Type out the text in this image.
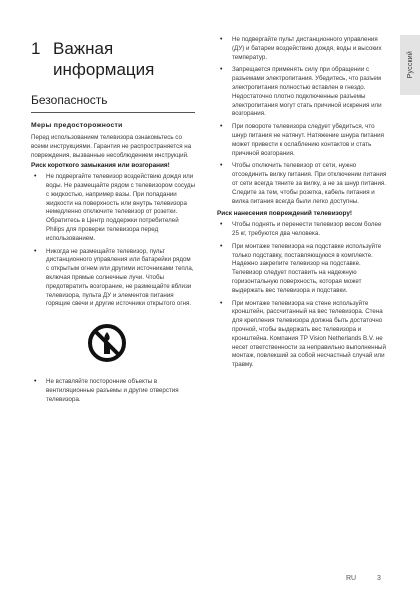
Русский
1 Важная
информация
Безопасность
Меры предосторожности
Перед использованием телевизора ознакомьтесь со всеми инструкциями. Гарантия не распространяется на повреждения, вызванные несоблюдением инструкций.
Риск короткого замыкания или возгорания!
• Не подвергайте телевизор воздействию дождя или воды. Не размещайте рядом с телевизором сосуды с жидкостью, например вазы. При попадании жидкости на поверхность или внутрь телевизора немедленно отключите телевизор от розетки. Обратитесь в Центр поддержки потребителей Philips для проверки телевизора перед использованием.
• Никогда не размещайте телевизор, пульт дистанционного управления или батарейки рядом с открытым огнем или другими источниками тепла, включая прямые солнечные лучи. Чтобы предотвратить возгорание, не размещайте вблизи телевизора, пульта ДУ и элементов питания горящие свечи и другие источники открытого огня.
• Не вставляйте посторонние объекты в вентиляционные разъемы и другие отверстия телевизора.
• Не подвергайте пульт дистанционного управления (ДУ) и батареи воздействию дождя, воды и высоких температур.
• Запрещается применять силу при обращении с разъемами электропитания. Убедитесь, что разъем электропитания полностью вставлен в гнездо. Недостаточно плотно подключенные разъемы электропитания могут стать причиной искрения или возгорания.
• При повороте телевизора следует убедиться, что шнур питания не натянут. Натяжение шнура питания может привести к ослаблению контактов и стать причиной возгорания.
• Чтобы отключить телевизор от сети, нужно отсоединить вилку питания. При отключении питания от сети всегда тяните за вилку, а не за шнур питания. Следите за тем, чтобы розетка, кабель питания и вилка питания всегда были легко доступны.
Риск нанесения повреждений телевизору!
• Чтобы поднять и перенести телевизор весом более 25 кг, требуются два человека.
• При монтаже телевизора на подставке используйте только подставку, поставляющуюся в комплекте. Надежно закрепите телевизор на подставке. Телевизор следует поставить на надежную горизонтальную поверхность, которая может выдержать вес телевизора и подставки.
• При монтаже телевизора на стене используйте кронштейн, рассчитанный на вес телевизора. Стена для крепления телевизора должна быть достаточно прочной, чтобы выдержать вес телевизора и кронштейна. Компания TP Vision Netherlands B.V. не несет ответственности за неправильно выполненный монтаж, повлекший за собой несчастный случай или травму.
RU	3
